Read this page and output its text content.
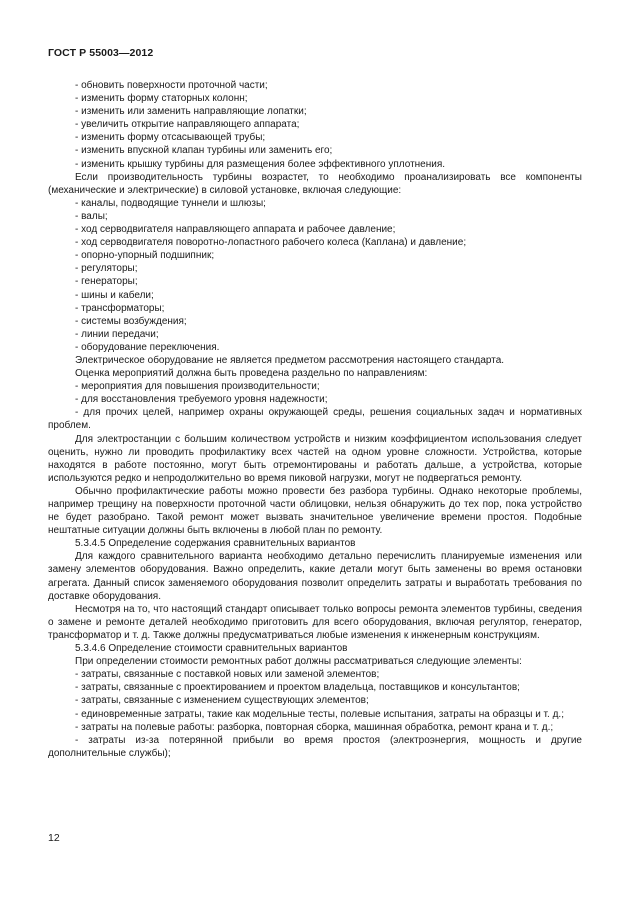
ГОСТ Р 55003—2012

- обновить поверхности проточной части;

- изменить форму статорных колонн;

- изменить или заменить направляющие лопатки;

- увеличить открытие направляющего аппарата;

- изменить форму отсасывающей трубы;

- изменить впускной клапан турбины или заменить его;

- изменить крышку турбины для размещения более эффективного уплотнения.

Если производительность турбины возрастет, то необходимо проанализировать все компоненты (механические и электрические) в силовой установке, включая следующие:

- каналы, подводящие туннели и шлюзы;

- валы;

- ход серводвигателя направляющего аппарата и рабочее давление;

- ход серводвигателя поворотно-лопастного рабочего колеса (Каплана) и давление;

- опорно-упорный подшипник;

- регуляторы;

- генераторы;

- шины и кабели;

- трансформаторы;

- системы возбуждения;

- линии передачи;

- оборудование переключения.

Электрическое оборудование не является предметом рассмотрения настоящего стандарта.

Оценка мероприятий должна быть проведена раздельно по направлениям:

- мероприятия для повышения производительности;

- для восстановления требуемого уровня надежности;

- для прочих целей, например охраны окружающей среды, решения социальных задач и нормативных проблем.

Для электростанции с большим количеством устройств и низким коэффициентом использования следует оценить, нужно ли проводить профилактику всех частей на одном уровне сложности. Устройства, которые находятся в работе постоянно, могут быть отремонтированы и работать дальше, а устройства, которые используются редко и непродолжительно во время пиковой нагрузки, могут не подвергаться ремонту.

Обычно профилактические работы можно провести без разбора турбины. Однако некоторые проблемы, например трещину на поверхности проточной части облицовки, нельзя обнаружить до тех пор, пока устройство не будет разобрано. Такой ремонт может вызвать значительное увеличение времени простоя. Подобные нештатные ситуации должны быть включены в любой план по ремонту.

5.3.4.5 Определение содержания сравнительных вариантов

Для каждого сравнительного варианта необходимо детально перечислить планируемые изменения или замену элементов оборудования. Важно определить, какие детали могут быть заменены во время остановки агрегата. Данный список заменяемого оборудования позволит определить затраты и выработать требования по доставке оборудования.

Несмотря на то, что настоящий стандарт описывает только вопросы ремонта элементов турбины, сведения о замене и ремонте деталей необходимо приготовить для всего оборудования, включая регулятор, генератор, трансформатор и т. д. Также должны предусматриваться любые изменения к инженерным конструкциям.

5.3.4.6 Определение стоимости сравнительных вариантов

При определении стоимости ремонтных работ должны рассматриваться следующие элементы:

- затраты, связанные с поставкой новых или заменой элементов;

- затраты, связанные с проектированием и проектом владельца, поставщиков и консультантов;

- затраты, связанные с изменением существующих элементов;

- единовременные затраты, такие как модельные тесты, полевые испытания, затраты на образцы и т. д.;

- затраты на полевые работы: разборка, повторная сборка, машинная обработка, ремонт крана и т. д.;

- затраты из-за потерянной прибыли во время простоя (электроэнергия, мощность и другие дополнительные службы);

12
